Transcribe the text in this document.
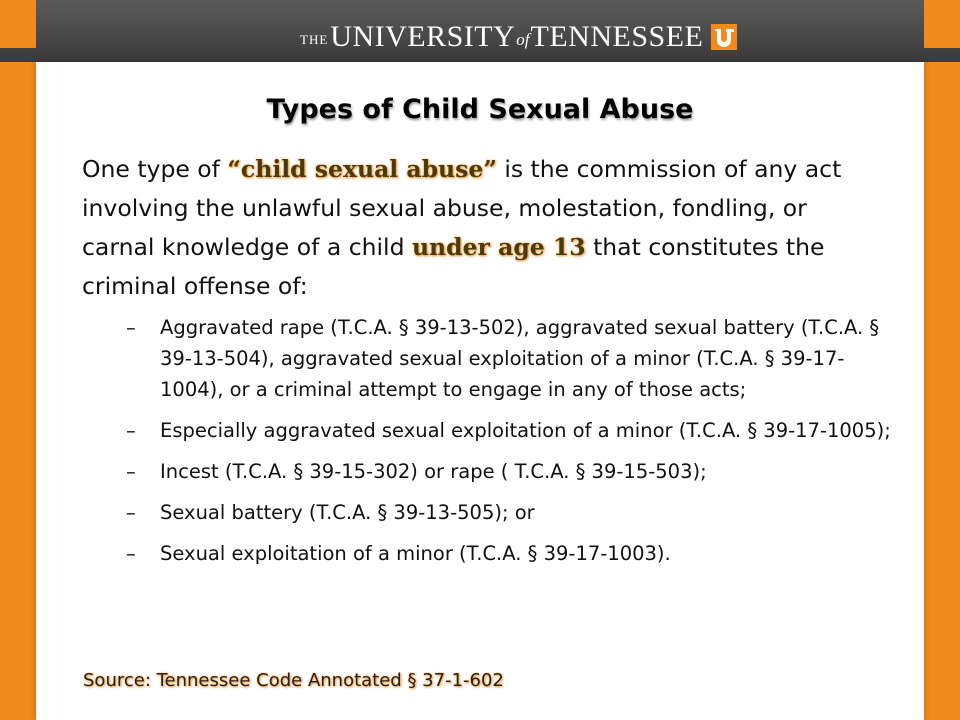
THE UNIVERSITY of TENNESSEE
Types of Child Sexual Abuse
One type of “child sexual abuse” is the commission of any act involving the unlawful sexual abuse, molestation, fondling, or carnal knowledge of a child under age 13 that constitutes the criminal offense of:
– Aggravated rape (T.C.A. § 39-13-502), aggravated sexual battery (T.C.A. § 39-13-504), aggravated sexual exploitation of a minor (T.C.A. § 39-17-1004), or a criminal attempt to engage in any of those acts;
– Especially aggravated sexual exploitation of a minor (T.C.A. § 39-17-1005);
– Incest (T.C.A. § 39-15-302) or rape ( T.C.A. § 39-15-503);
– Sexual battery (T.C.A. § 39-13-505); or
– Sexual exploitation of a minor (T.C.A. § 39-17-1003).
Source: Tennessee Code Annotated § 37-1-602
